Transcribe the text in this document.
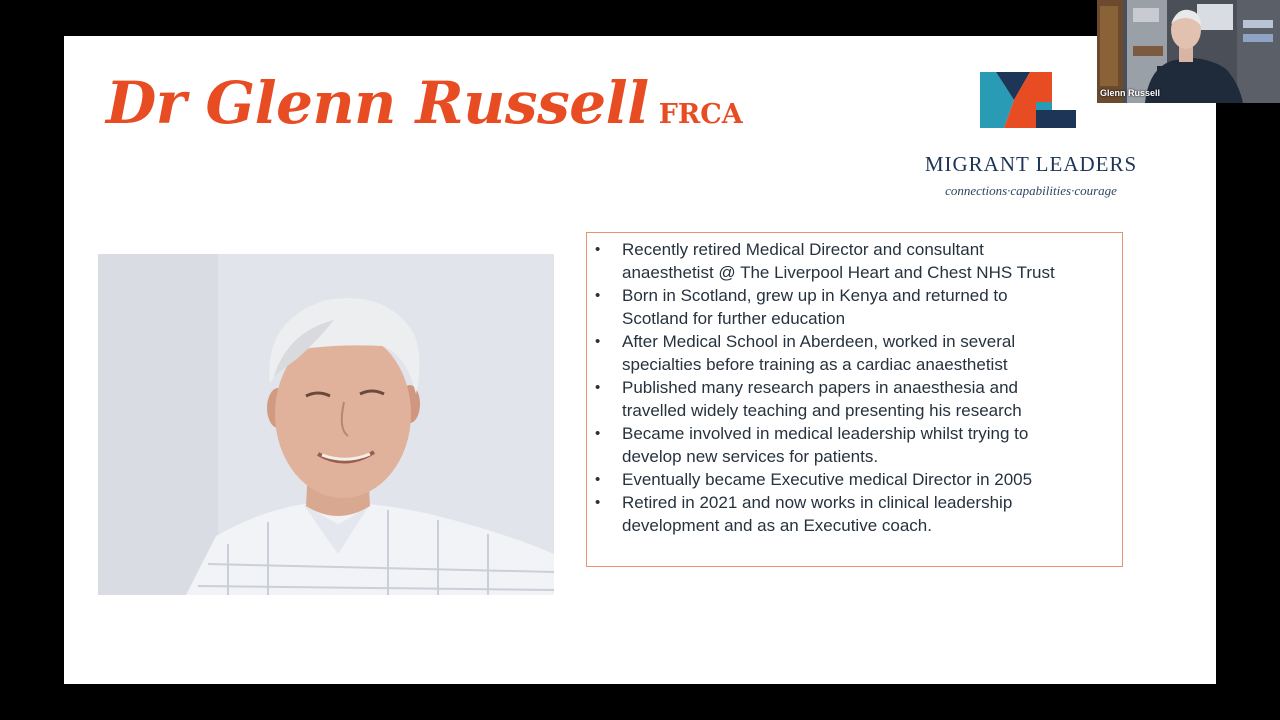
Dr Glenn Russell FRCA
MIGRANT LEADERS
connections·capabilities·courage
• Recently retired Medical Director and consultant
anaesthetist @ The Liverpool Heart and Chest NHS Trust
• Born in Scotland, grew up in Kenya and returned to
Scotland for further education
• After Medical School in Aberdeen, worked in several
specialties before training as a cardiac anaesthetist
• Published many research papers in anaesthesia and
travelled widely teaching and presenting his research
• Became involved in medical leadership whilst trying to
develop new services for patients.
• Eventually became Executive medical Director in 2005
• Retired in 2021 and now works in clinical leadership
development and as an Executive coach.
Glenn Russell
